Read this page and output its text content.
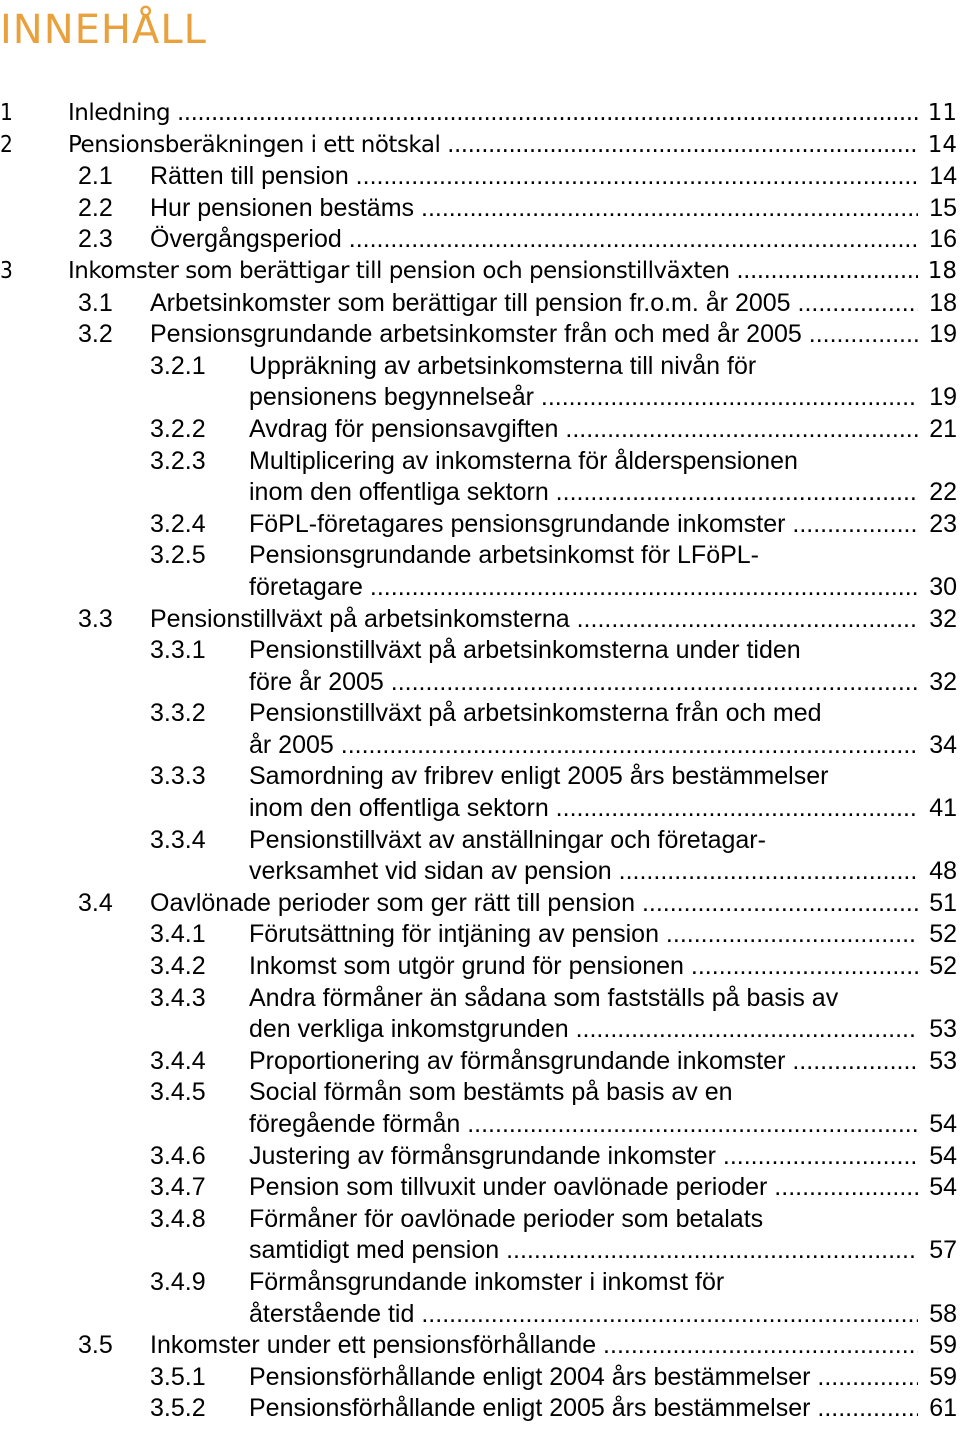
INNEHÅLL
1 Inledning .....	11
2 Pensionsberäkningen i ett nötskal .....	14
2.1 Rätten till pension .....	14
2.2 Hur pensionen bestäms .....	15
2.3 Övergångsperiod .....	16
3 Inkomster som berättigar till pension och pensionstillväxten .....	18
3.1 Arbetsinkomster som berättigar till pension fr.o.m. år 2005 .....	18
3.2 Pensionsgrundande arbetsinkomster från och med år 2005 .....	19
3.2.1 Uppräkning av arbetsinkomsterna till nivån för
pensionens begynnelseår .....	19
3.2.2 Avdrag för pensionsavgiften .....	21
3.2.3 Multiplicering av inkomsterna för ålderspensionen
inom den offentliga sektorn .....	22
3.2.4 FöPL-företagares pensionsgrundande inkomster .....	23
3.2.5 Pensionsgrundande arbetsinkomst för LFöPL-
företagare .....	30
3.3 Pensionstillväxt på arbetsinkomsterna .....	32
3.3.1 Pensionstillväxt på arbetsinkomsterna under tiden
före år 2005 .....	32
3.3.2 Pensionstillväxt på arbetsinkomsterna från och med
år 2005 .....	34
3.3.3 Samordning av fribrev enligt 2005 års bestämmelser
inom den offentliga sektorn .....	41
3.3.4 Pensionstillväxt av anställningar och företagar-
verksamhet vid sidan av pension .....	48
3.4 Oavlönade perioder som ger rätt till pension .....	51
3.4.1 Förutsättning för intjäning av pension .....	52
3.4.2 Inkomst som utgör grund för pensionen .....	52
3.4.3 Andra förmåner än sådana som fastställs på basis av
den verkliga inkomstgrunden .....	53
3.4.4 Proportionering av förmånsgrundande inkomster .....	53
3.4.5 Social förmån som bestämts på basis av en
föregående förmån .....	54
3.4.6 Justering av förmånsgrundande inkomster .....	54
3.4.7 Pension som tillvuxit under oavlönade perioder .....	54
3.4.8 Förmåner för oavlönade perioder som betalats
samtidigt med pension .....	57
3.4.9 Förmånsgrundande inkomster i inkomst för
återstående tid .....	58
3.5 Inkomster under ett pensionsförhållande .....	59
3.5.1 Pensionsförhållande enligt 2004 års bestämmelser .....	59
3.5.2 Pensionsförhållande enligt 2005 års bestämmelser .....	61
